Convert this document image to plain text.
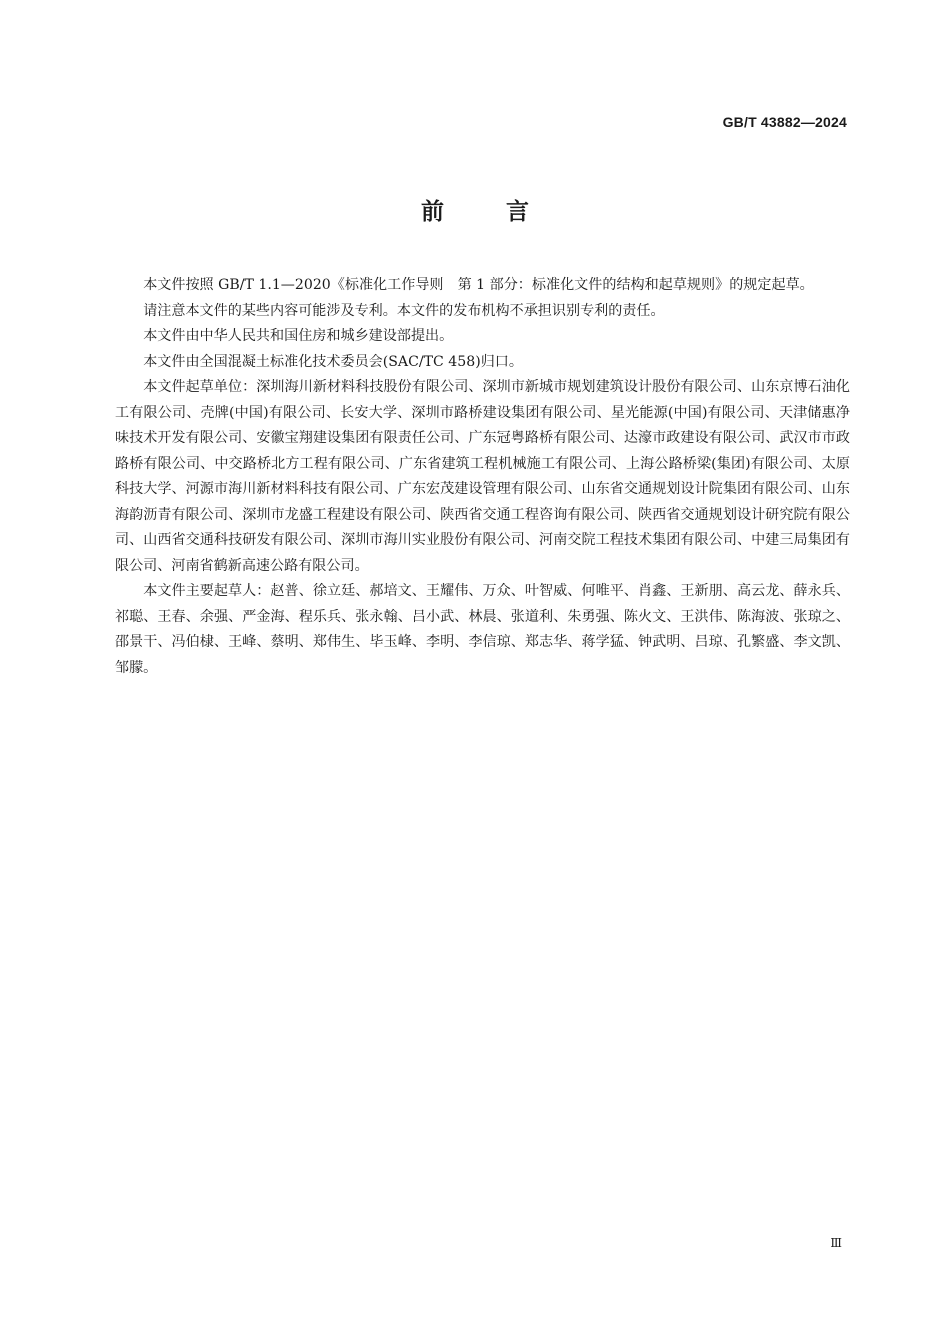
GB/T 43882—2024
前	言

本文件按照 GB/T 1.1—2020《标准化工作导则　第 1 部分：标准化文件的结构和起草规则》的规定起草。

请注意本文件的某些内容可能涉及专利。本文件的发布机构不承担识别专利的责任。

本文件由中华人民共和国住房和城乡建设部提出。

本文件由全国混凝土标准化技术委员会(SAC/TC 458)归口。

本文件起草单位：深圳海川新材料科技股份有限公司、深圳市新城市规划建筑设计股份有限公司、山东京博石油化工有限公司、壳牌(中国)有限公司、长安大学、深圳市路桥建设集团有限公司、星光能源(中国)有限公司、天津储惠净味技术开发有限公司、安徽宝翔建设集团有限责任公司、广东冠粤路桥有限公司、达濠市政建设有限公司、武汉市市政路桥有限公司、中交路桥北方工程有限公司、广东省建筑工程机械施工有限公司、上海公路桥梁(集团)有限公司、太原科技大学、河源市海川新材料科技有限公司、广东宏茂建设管理有限公司、山东省交通规划设计院集团有限公司、山东海韵沥青有限公司、深圳市龙盛工程建设有限公司、陕西省交通工程咨询有限公司、陕西省交通规划设计研究院有限公司、山西省交通科技研发有限公司、深圳市海川实业股份有限公司、河南交院工程技术集团有限公司、中建三局集团有限公司、河南省鹤新高速公路有限公司。

本文件主要起草人：赵普、徐立廷、郝培文、王耀伟、万众、叶智威、何唯平、肖鑫、王新朋、高云龙、薛永兵、祁聪、王春、余强、严金海、程乐兵、张永翰、吕小武、林晨、张道利、朱勇强、陈火文、王洪伟、陈海波、张琼之、邵景干、冯伯棣、王峰、蔡明、郑伟生、毕玉峰、李明、李信琼、郑志华、蒋学猛、钟武明、吕琼、孔繁盛、李文凯、邹朦。

Ⅲ
